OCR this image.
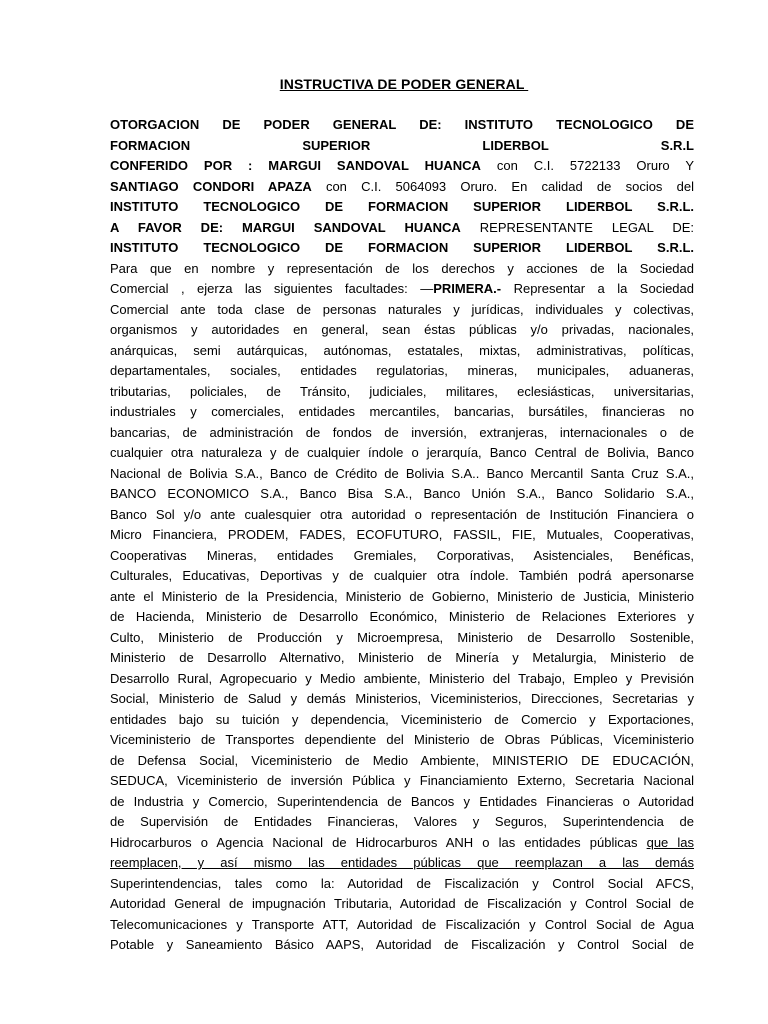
INSTRUCTIVA DE PODER GENERAL
OTORGACION DE PODER GENERAL DE: INSTITUTO TECNOLOGICO DE
FORMACION SUPERIOR LIDERBOL S.R.L
CONFERIDO POR : MARGUI SANDOVAL HUANCA con C.I. 5722133 Oruro Y
SANTIAGO CONDORI APAZA con C.I. 5064093 Oruro. En calidad de socios del
INSTITUTO TECNOLOGICO DE FORMACION SUPERIOR LIDERBOL S.R.L.
A FAVOR DE: MARGUI SANDOVAL HUANCA REPRESENTANTE LEGAL DE:
INSTITUTO TECNOLOGICO DE FORMACION SUPERIOR LIDERBOL S.R.L.
Para que en nombre y representación de los derechos y acciones de la Sociedad
Comercial , ejerza las siguientes facultades: —PRIMERA.- Representar a la Sociedad
Comercial ante toda clase de personas naturales y jurídicas, individuales y colectivas,
organismos y autoridades en general, sean éstas públicas y/o privadas, nacionales,
anárquicas, semi autárquicas, autónomas, estatales, mixtas, administrativas, políticas,
departamentales, sociales, entidades regulatorias, mineras, municipales, aduaneras,
tributarias, policiales, de Tránsito, judiciales, militares, eclesiásticas, universitarias,
industriales y comerciales, entidades mercantiles, bancarias, bursátiles, financieras no
bancarias, de administración de fondos de inversión, extranjeras, internacionales o de
cualquier otra naturaleza y de cualquier índole o jerarquía, Banco Central de Bolivia, Banco
Nacional de Bolivia S.A., Banco de Crédito de Bolivia S.A.. Banco Mercantil Santa Cruz S.A.,
BANCO ECONOMICO S.A., Banco Bisa S.A., Banco Unión S.A., Banco Solidario S.A.,
Banco Sol y/o ante cualesquier otra autoridad o representación de Institución Financiera o
Micro Financiera, PRODEM, FADES, ECOFUTURO, FASSIL, FIE, Mutuales, Cooperativas,
Cooperativas Mineras, entidades Gremiales, Corporativas, Asistenciales, Benéficas,
Culturales, Educativas, Deportivas y de cualquier otra índole. También podrá apersonarse
ante el Ministerio de la Presidencia, Ministerio de Gobierno, Ministerio de Justicia, Ministerio
de Hacienda, Ministerio de Desarrollo Económico, Ministerio de Relaciones Exteriores y
Culto, Ministerio de Producción y Microempresa, Ministerio de Desarrollo Sostenible,
Ministerio de Desarrollo Alternativo, Ministerio de Minería y Metalurgia, Ministerio de
Desarrollo Rural, Agropecuario y Medio ambiente, Ministerio del Trabajo, Empleo y Previsión
Social, Ministerio de Salud y demás Ministerios, Viceministerios, Direcciones, Secretarias y
entidades bajo su tuición y dependencia, Viceministerio de Comercio y Exportaciones,
Viceministerio de Transportes dependiente del Ministerio de Obras Públicas, Viceministerio
de Defensa Social, Viceministerio de Medio Ambiente, MINISTERIO DE EDUCACIÓN,
SEDUCA, Viceministerio de inversión Pública y Financiamiento Externo, Secretaria Nacional
de Industria y Comercio, Superintendencia de Bancos y Entidades Financieras o Autoridad
de Supervisión de Entidades Financieras, Valores y Seguros, Superintendencia de
Hidrocarburos o Agencia Nacional de Hidrocarburos ANH o las entidades públicas que las
reemplacen, y así mismo las entidades públicas que reemplazan a las demás
Superintendencias, tales como la: Autoridad de Fiscalización y Control Social AFCS,
Autoridad General de impugnación Tributaria, Autoridad de Fiscalización y Control Social de
Telecomunicaciones y Transporte ATT, Autoridad de Fiscalización y Control Social de Agua
Potable y Saneamiento Básico AAPS, Autoridad de Fiscalización y Control Social de
